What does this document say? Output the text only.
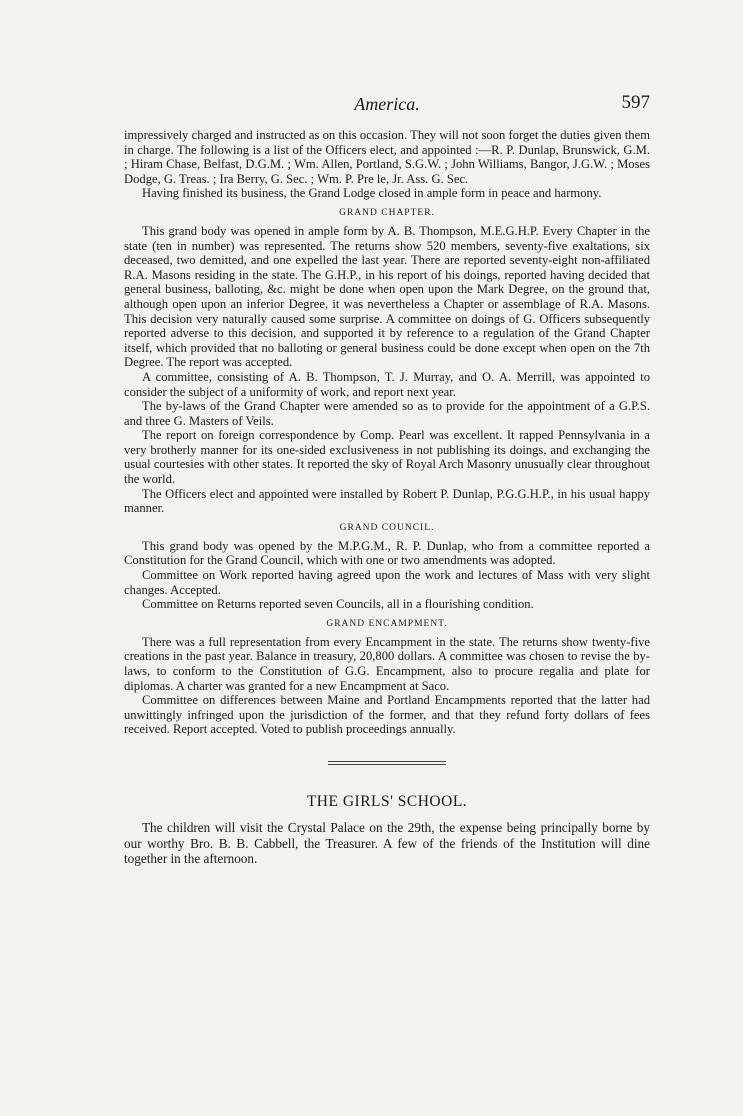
America.	597

impressively charged and instructed as on this occasion. They will not soon forget the duties given them in charge. The following is a list of the Officers elect, and appointed :—R. P. Dunlap, Brunswick, G.M. ; Hiram Chase, Belfast, D.G.M. ; Wm. Allen, Portland, S.G.W. ; John Williams, Bangor, J.G.W. ; Moses Dodge, G. Treas. ; Ira Berry, G. Sec. ; Wm. P. Pre le, Jr. Ass. G. Sec.

Having finished its business, the Grand Lodge closed in ample form in peace and harmony.

GRAND CHAPTER.

This grand body was opened in ample form by A. B. Thompson, M.E.G.H.P. Every Chapter in the state (ten in number) was represented. The returns show 520 members, seventy-five exaltations, six deceased, two demitted, and one expelled the last year. There are reported seventy-eight non-affiliated R.A. Masons residing in the state. The G.H.P., in his report of his doings, reported having decided that general business, balloting, &c. might be done when open upon the Mark Degree, on the ground that, although open upon an inferior Degree, it was nevertheless a Chapter or assemblage of R.A. Masons. This decision very naturally caused some surprise. A committee on doings of G. Officers subsequently reported adverse to this decision, and supported it by reference to a regulation of the Grand Chapter itself, which provided that no balloting or general business could be done except when open on the 7th Degree. The report was accepted.

A committee, consisting of A. B. Thompson, T. J. Murray, and O. A. Merrill, was appointed to consider the subject of a uniformity of work, and report next year.

The by-laws of the Grand Chapter were amended so as to provide for the appointment of a G.P.S. and three G. Masters of Veils.

The report on foreign correspondence by Comp. Pearl was excellent. It rapped Pennsylvania in a very brotherly manner for its one-sided exclusiveness in not publishing its doings, and exchanging the usual courtesies with other states. It reported the sky of Royal Arch Masonry unusually clear throughout the world.

The Officers elect and appointed were installed by Robert P. Dunlap, P.G.G.H.P., in his usual happy manner.

GRAND COUNCIL.

This grand body was opened by the M.P.G.M., R. P. Dunlap, who from a committee reported a Constitution for the Grand Council, which with one or two amendments was adopted.

Committee on Work reported having agreed upon the work and lectures of Mass with very slight changes. Accepted.

Committee on Returns reported seven Councils, all in a flourishing condition.

GRAND ENCAMPMENT.

There was a full representation from every Encampment in the state. The returns show twenty-five creations in the past year. Balance in treasury, 20,800 dollars. A committee was chosen to revise the by-laws, to conform to the Constitution of G.G. Encampment, also to procure regalia and plate for diplomas. A charter was granted for a new Encampment at Saco.

Committee on differences between Maine and Portland Encampments reported that the latter had unwittingly infringed upon the jurisdiction of the former, and that they refund forty dollars of fees received. Report accepted. Voted to publish proceedings annually.

THE GIRLS' SCHOOL.

The children will visit the Crystal Palace on the 29th, the expense being principally borne by our worthy Bro. B. B. Cabbell, the Treasurer. A few of the friends of the Institution will dine together in the afternoon.
